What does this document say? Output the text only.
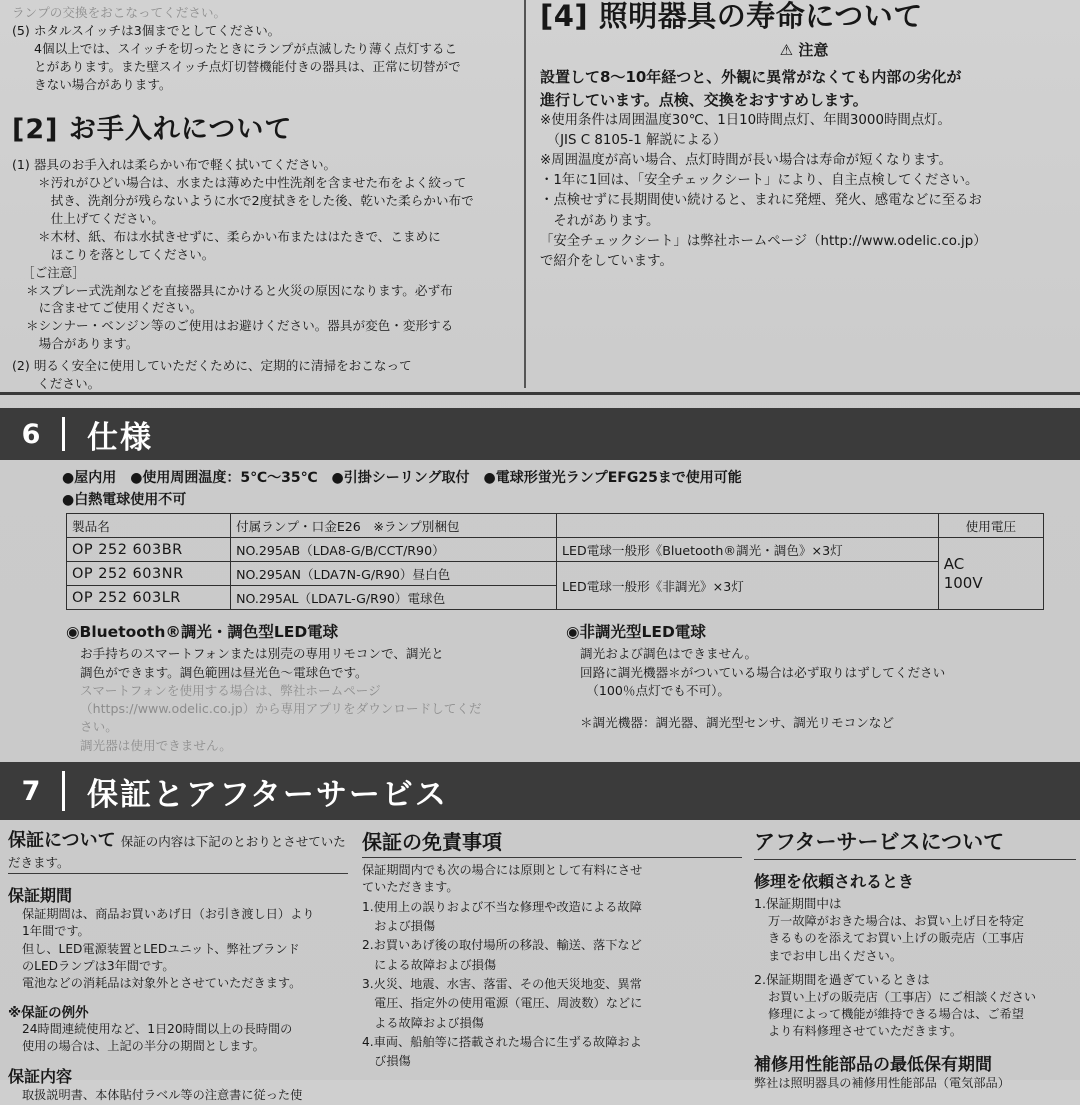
ランプの交換をおこなってください。
(5) ホタルスイッチは3個までとしてください。
4個以上では、スイッチを切ったときにランプが点滅したり薄く点灯するこ
とがあります。また壁スイッチ点灯切替機能付きの器具は、正常に切替がで
きない場合があります。
[2] お手入れについて
(1) 器具のお手入れは柔らかい布で軽く拭いてください。
＊汚れがひどい場合は、水または薄めた中性洗剤を含ませた布をよく絞って
　拭き、洗剤分が残らないように水で2度拭きをした後、乾いた柔らかい布で
　仕上げてください。
＊木材、紙、布は水拭きせずに、柔らかい布またははたきで、こまめに
　ほこりを落としてください。
［ご注意］
＊スプレー式洗剤などを直接器具にかけると火災の原因になります。必ず布
　に含ませてご使用ください。
＊シンナー・ベンジン等のご使用はお避けください。器具が変色・変形する
　場合があります。
(2) 明るく安全に使用していただくために、定期的に清掃をおこなって
　　ください。
[4] 照明器具の寿命について
⚠ 注意
設置して8〜10年経つと、外観に異常がなくても内部の劣化が
進行しています。点検、交換をおすすめします。
※使用条件は周囲温度30℃、1日10時間点灯、年間3000時間点灯。
　（JIS C 8105-1 解説による）
※周囲温度が高い場合、点灯時間が長い場合は寿命が短くなります。
・1年に1回は、「安全チェックシート」により、自主点検してください。
・点検せずに長期間使い続けると、まれに発煙、発火、感電などに至るお
　それがあります。
「安全チェックシート」は弊社ホームページ（http://www.odelic.co.jp）
で紹介をしています。
6	仕様
●屋内用　●使用周囲温度：5℃〜35℃　●引掛シーリング取付　●電球形蛍光ランプEFG25まで使用可能
●白熱電球使用不可
製品名	付属ランプ・口金E26　※ランプ別梱包		使用電圧
OP 252 603BR	NO.295AB（LDA8-G/B/CCT/R90）	LED電球一般形《Bluetooth®調光・調色》×3灯	AC
100V

OP 252 603NR	NO.295AN（LDA7N-G/R90）昼白色	LED電球一般形《非調光》×3灯	
OP 252 603LR	NO.295AL（LDA7L-G/R90）電球色		
◉Bluetooth®調光・調色型LED電球
お手持ちのスマートフォンまたは別売の専用リモコンで、調光と
調色ができます。調色範囲は昼光色〜電球色です。
スマートフォンを使用する場合は、弊社ホームページ
（https://www.odelic.co.jp）から専用アプリをダウンロードしてくだ
さい。
調光器は使用できません。
◉非調光型LED電球
調光および調色はできません。
回路に調光機器＊がついている場合は必ず取りはずしてください
　（100％点灯でも不可）。
＊調光機器：調光器、調光型センサ、調光リモコンなど
7	保証とアフターサービス
保証について 保証の内容は下記のとおりとさせていただきます。
保証期間
保証期間は、商品お買いあげ日（お引き渡し日）より
1年間です。
但し、LED電源装置とLEDユニット、弊社ブランド
のLEDランプは3年間です。
電池などの消耗品は対象外とさせていただきます。
※保証の例外
24時間連続使用など、1日20時間以上の長時間の
使用の場合は、上記の半分の期間とします。
保証内容
取扱説明書、本体貼付ラベル等の注意書に従った使
保証の免責事項
保証期間内でも次の場合には原則として有料にさせ
ていただきます。
1.使用上の誤りおよび不当な修理や改造による故障
　および損傷
2.お買いあげ後の取付場所の移設、輸送、落下など
　による故障および損傷
3.火災、地震、水害、落雷、その他天災地変、異常
　電圧、指定外の使用電源（電圧、周波数）などに
　よる故障および損傷
4.車両、船舶等に搭載された場合に生ずる故障およ
　び損傷
アフターサービスについて
修理を依頼されるとき
1.保証期間中は
万一故障がおきた場合は、お買い上げ日を特定
きるものを添えてお買い上げの販売店（工事店
までお申し出ください。
2.保証期間を過ぎているときは
お買い上げの販売店（工事店）にご相談ください
修理によって機能が維持できる場合は、ご希望
より有料修理させていただきます。
補修用性能部品の最低保有期間
弊社は照明器具の補修用性能部品（電気部品）
